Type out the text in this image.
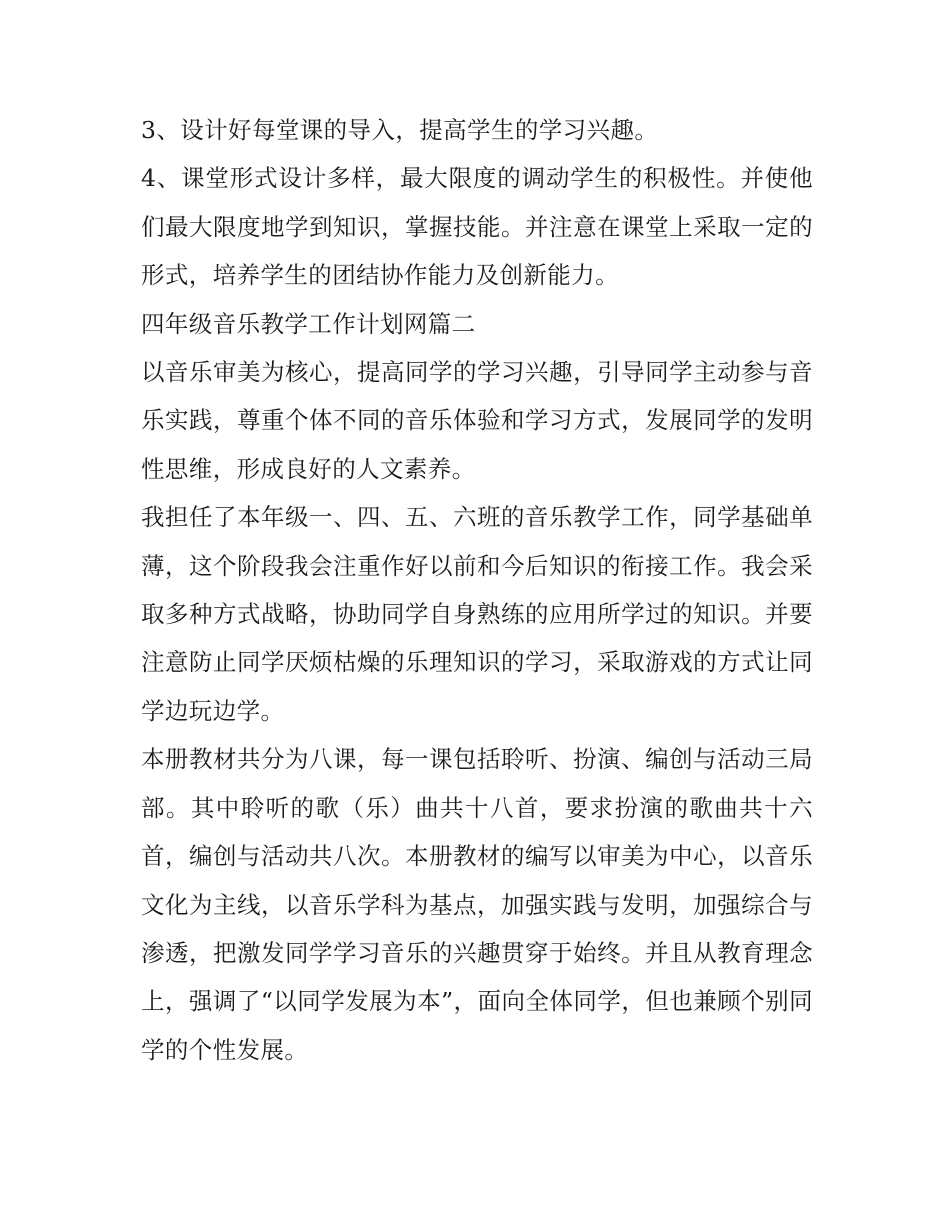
3、设计好每堂课的导入，提高学生的学习兴趣。

4、课堂形式设计多样，最大限度的调动学生的积极性。并使他们最大限度地学到知识，掌握技能。并注意在课堂上采取一定的形式，培养学生的团结协作能力及创新能力。

四年级音乐教学工作计划网篇二

以音乐审美为核心，提高同学的学习兴趣，引导同学主动参与音乐实践，尊重个体不同的音乐体验和学习方式，发展同学的发明性思维，形成良好的人文素养。

我担任了本年级一、四、五、六班的音乐教学工作，同学基础单薄，这个阶段我会注重作好以前和今后知识的衔接工作。我会采取多种方式战略，协助同学自身熟练的应用所学过的知识。并要注意防止同学厌烦枯燥的乐理知识的学习，采取游戏的方式让同学边玩边学。

本册教材共分为八课，每一课包括聆听、扮演、编创与活动三局部。其中聆听的歌（乐）曲共十八首，要求扮演的歌曲共十六首，编创与活动共八次。本册教材的编写以审美为中心，以音乐文化为主线，以音乐学科为基点，加强实践与发明，加强综合与渗透，把激发同学学习音乐的兴趣贯穿于始终。并且从教育理念上，强调了“以同学发展为本”，面向全体同学，但也兼顾个别同学的个性发展。
